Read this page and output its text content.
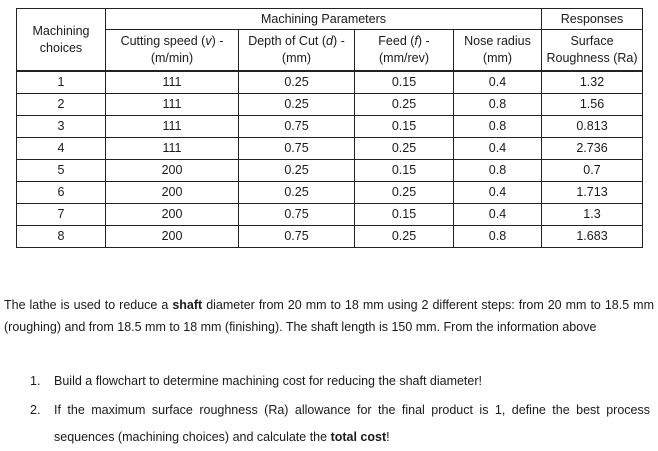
Machining choices	Machining Parameters				Responses
	Cutting speed (v) - (m/min)	Depth of Cut (d) -(mm)	Feed (f) - (mm/rev)	Nose radius (mm)	Surface Roughness (Ra)
1	111	0.25	0.15	0.4	1.32
2	111	0.25	0.25	0.8	1.56
3	111	0.75	0.15	0.8	0.813
4	111	0.75	0.25	0.4	2.736
5	200	0.25	0.15	0.8	0.7
6	200	0.25	0.25	0.4	1.713
7	200	0.75	0.15	0.4	1.3
8	200	0.75	0.25	0.8	1.683

The lathe is used to reduce a shaft diameter from 20 mm to 18 mm using 2 different steps: from 20 mm to 18.5 mm (roughing) and from 18.5 mm to 18 mm (finishing). The shaft length is 150 mm. From the information above

1.	Build a flowchart to determine machining cost for reducing the shaft diameter!
2.	If the maximum surface roughness (Ra) allowance for the final product is 1, define the best process sequences (machining choices) and calculate the total cost!
